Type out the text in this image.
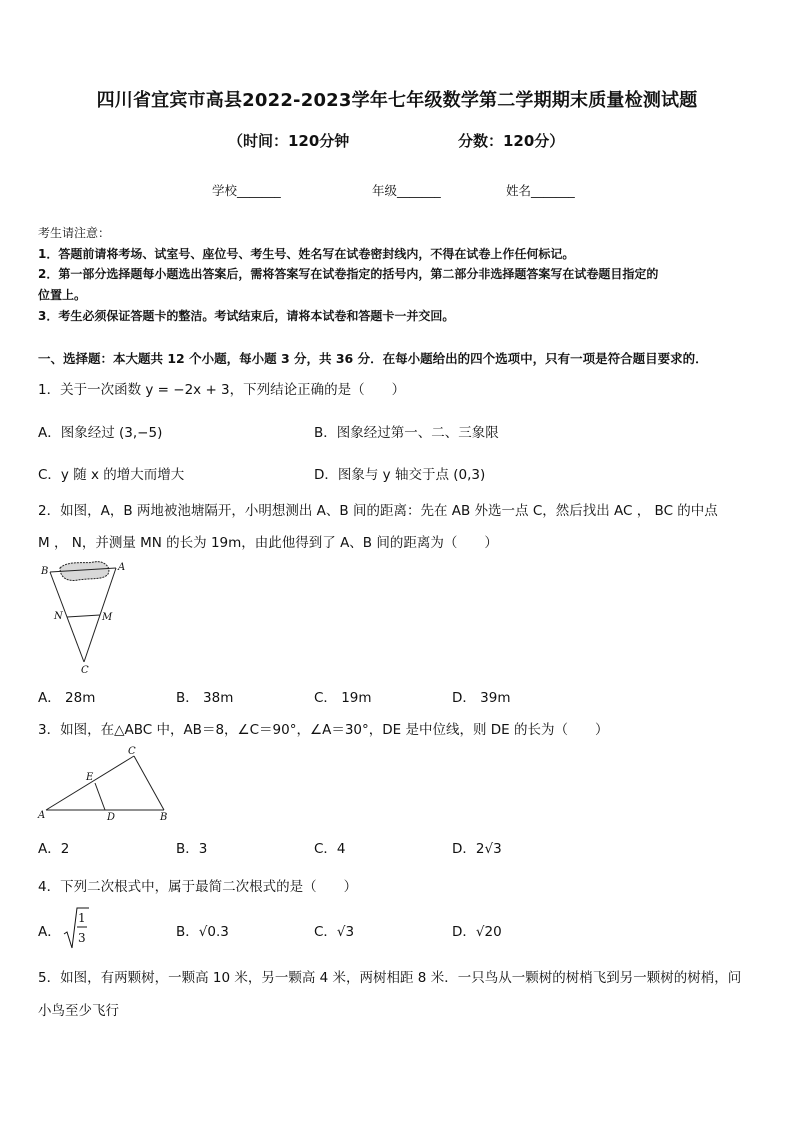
四川省宜宾市高县2022-2023学年七年级数学第二学期期末质量检测试题
（时间：120分钟	分数：120分）
学校_______	年级_______	姓名_______
考生请注意：
1．答题前请将考场、试室号、座位号、考生号、姓名写在试卷密封线内，不得在试卷上作任何标记。
2．第一部分选择题每小题选出答案后，需将答案写在试卷指定的括号内，第二部分非选择题答案写在试卷题目指定的
位置上。
3．考生必须保证答题卡的整洁。考试结束后，请将本试卷和答题卡一并交回。
一、选择题：本大题共 12 个小题，每小题 3 分，共 36 分．在每小题给出的四个选项中，只有一项是符合题目要求的．
1．关于一次函数 y = −2x + 3，下列结论正确的是（　　）
A．图象经过 (3,−5)	B．图象经过第一、二、三象限
C．y 随 x 的增大而增大	D．图象与 y 轴交于点 (0,3)
2．如图，A，B 两地被池塘隔开，小明想测出 A、B 间的距离：先在 AB 外选一点 C，然后找出 AC ， BC 的中点
M ， N，并测量 MN 的长为 19m，由此他得到了 A、B 间的距离为（　　）
B	A
N	M
C
A． 28m	B． 38m	C． 19m	D． 39m
3．如图，在△ABC 中，AB＝8，∠C＝90°，∠A＝30°，DE 是中位线，则 DE 的长为（　　）
A	B
C
D
E
A．2	B．3	C．4	D．2√3
4．下列二次根式中，属于最简二次根式的是（　　）
A．
1
3	B．√0.3	C．√3	D．√20
5．如图，有两颗树，一颗高 10 米，另一颗高 4 米，两树相距 8 米．一只鸟从一颗树的树梢飞到另一颗树的树梢，问
小鸟至少飞行
